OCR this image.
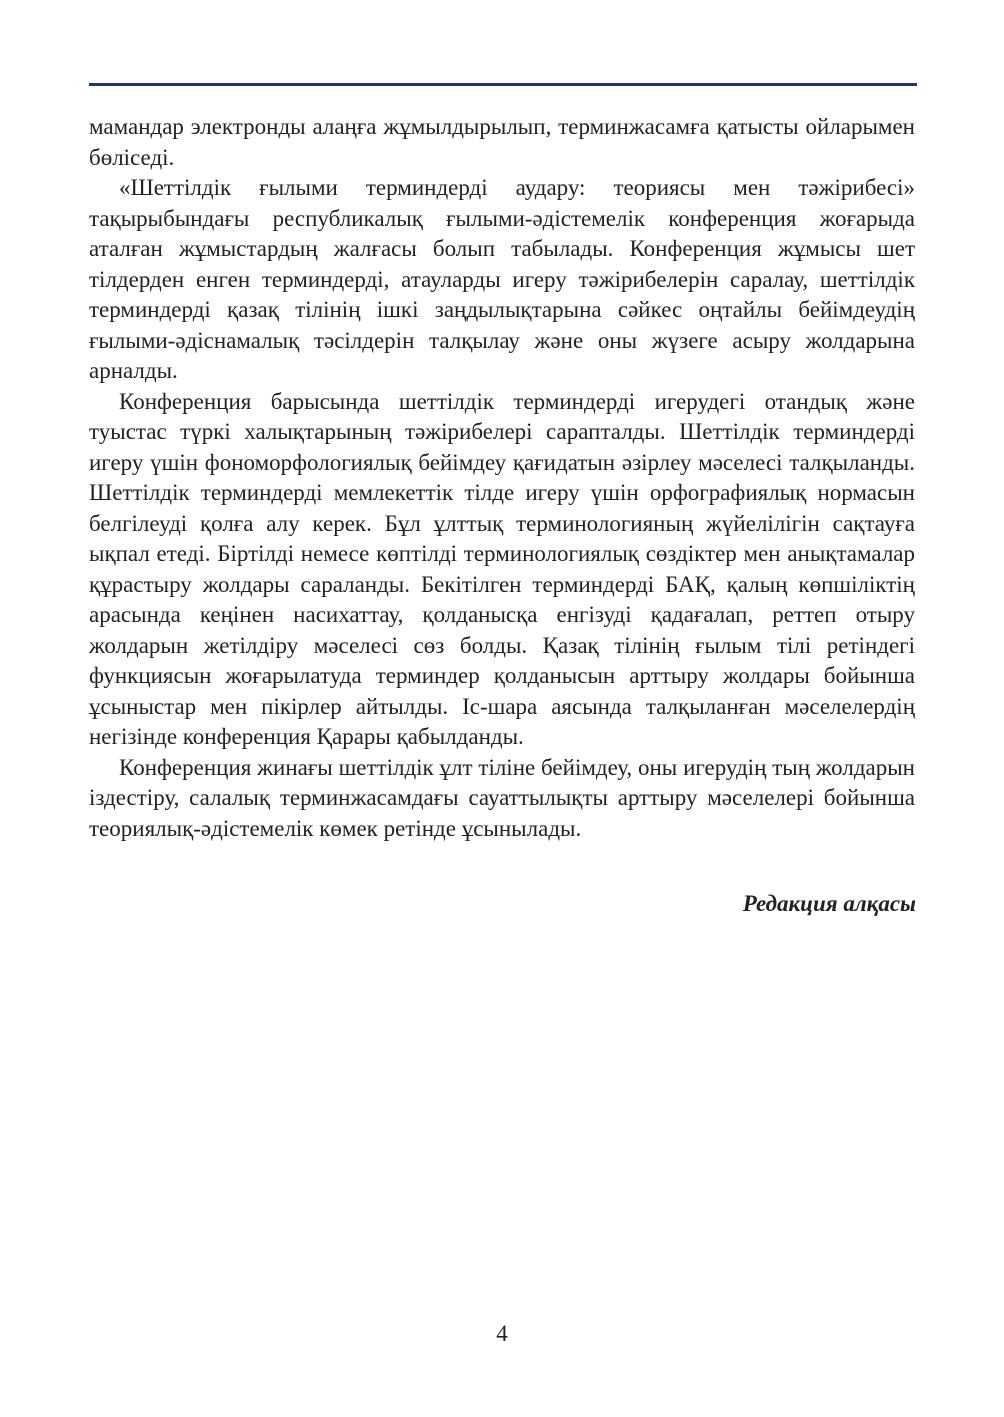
мамандар электронды алаңға жұмылдырылып, терминжасамға қатысты ойларымен бөліседі.

«Шеттілдік ғылыми терминдерді аудару: теориясы мен тәжірибесі» тақырыбындағы республикалық ғылыми-әдістемелік конференция жоғарыда аталған жұмыстардың жалғасы болып табылады. Конференция жұмысы шет тілдерден енген терминдерді, атауларды игеру тәжірибелерін саралау, шеттілдік терминдерді қазақ тілінің ішкі заңдылықтарына сәйкес оңтайлы бейімдеудің ғылыми-әдіснамалық тәсілдерін талқылау және оны жүзеге асыру жолдарына арналды.

Конференция барысында шеттілдік терминдерді игерудегі отандық және туыстас түркі халықтарының тәжірибелері сарапталды. Шеттілдік терминдерді игеру үшін фономорфологиялық бейімдеу қағидатын әзірлеу мәселесі талқыланды. Шеттілдік терминдерді мемлекеттік тілде игеру үшін орфографиялық нормасын белгілеуді қолға алу керек. Бұл ұлттық терминологияның жүйелілігін сақтауға ықпал етеді. Біртілді немесе көптілді терминологиялық сөздіктер мен анықтамалар құрастыру жолдары сараланды. Бекітілген терминдерді БАҚ, қалың көпшіліктің арасында кеңінен насихаттау, қолданысқа енгізуді қадағалап, реттеп отыру жолдарын жетілдіру мәселесі сөз болды. Қазақ тілінің ғылым тілі ретіндегі функциясын жоғарылатуда терминдер қолданысын арттыру жолдары бойынша ұсыныстар мен пікірлер айтылды. Іс-шара аясында талқыланған мәселелердің негізінде конференция Қарары қабылданды.

Конференция жинағы шеттілдік ұлт тіліне бейімдеу, оны игерудің тың жолдарын іздестіру, салалық терминжасамдағы сауаттылықты арттыру мәселелері бойынша теориялық-әдістемелік көмек ретінде ұсынылады.

Редакция алқасы
4
